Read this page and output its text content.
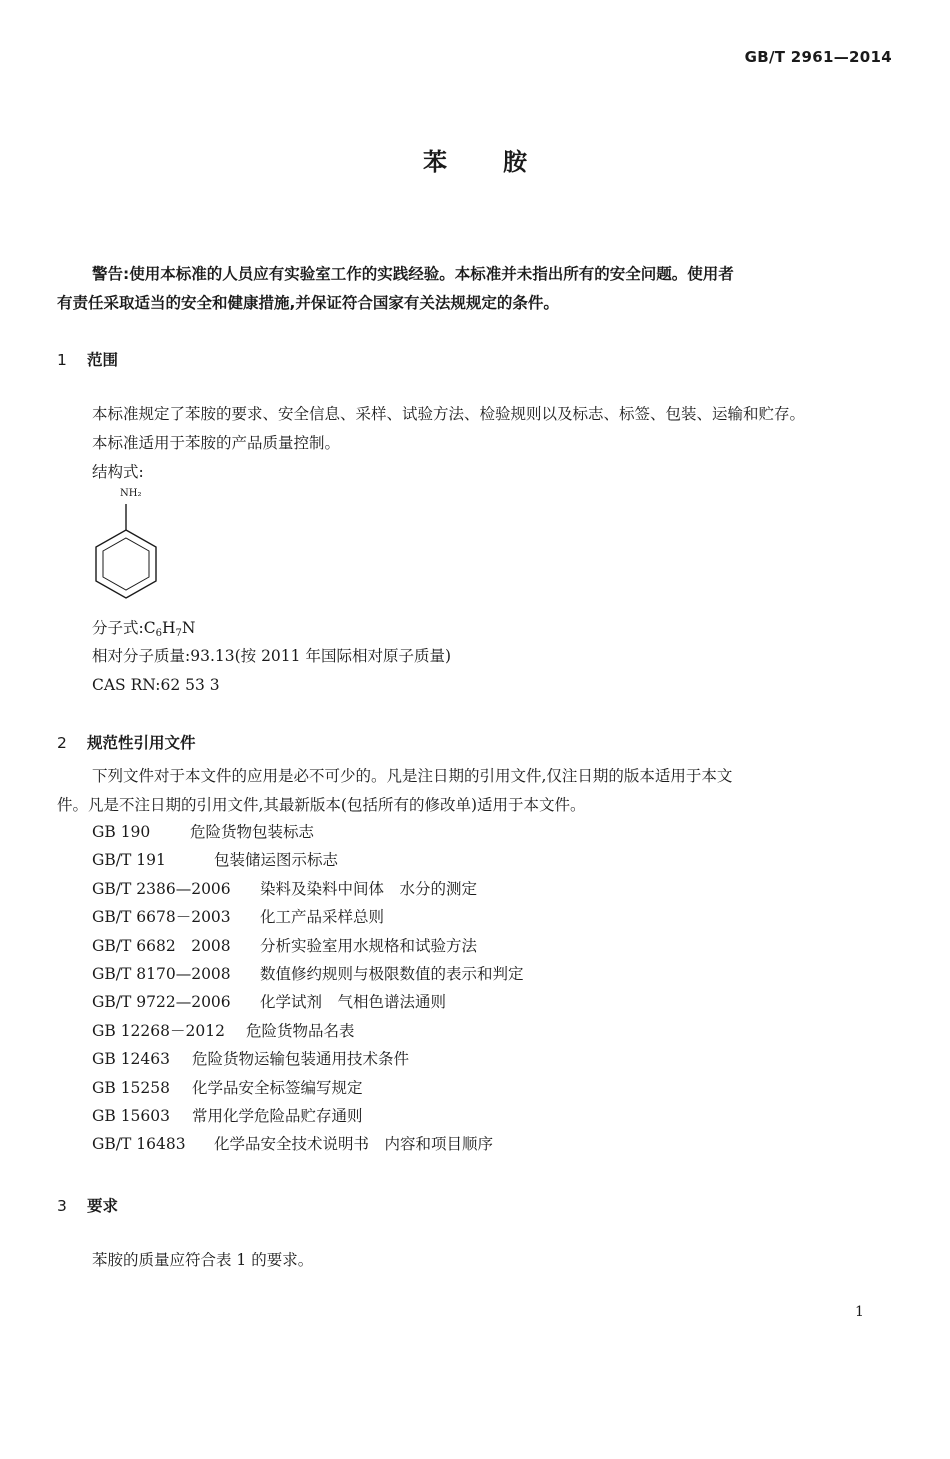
GB/T 2961—2014
苯 胺
警告:使用本标准的人员应有实验室工作的实践经验。本标准并未指出所有的安全问题。使用者
有责任采取适当的安全和健康措施,并保证符合国家有关法规规定的条件。
1 范围
本标准规定了苯胺的要求、安全信息、采样、试验方法、检验规则以及标志、标签、包装、运输和贮存。
本标准适用于苯胺的产品质量控制。
结构式:
NH₂
分子式$:C_6H_7N$
相对分子质量:93.13(按 2011 年国际相对原子质量)
CAS RN:62 53 3
2 规范性引用文件
下列文件对于本文件的应用是必不可少的。凡是注日期的引用文件,仅注日期的版本适用于本文
件。凡是不注日期的引用文件,其最新版本(包括所有的修改单)适用于本文件。
GB 190	危险货物包装标志
GB/T 191	包装储运图示标志
GB/T 2386—2006 染料及染料中间体　水分的测定
GB/T 6678－2003 化工产品采样总则
GB/T 6682　2008 分析实验室用水规格和试验方法
GB/T 8170—2008 数值修约规则与极限数值的表示和判定
GB/T 9722—2006 化学试剂　气相色谱法通则
GB 12268－2012 危险货物品名表
GB 12463 危险货物运输包装通用技术条件
GB 15258 化学品安全标签编写规定
GB 15603 常用化学危险品贮存通则
GB/T 16483 化学品安全技术说明书　内容和项目顺序
3 要求
苯胺的质量应符合表 1 的要求。
1
